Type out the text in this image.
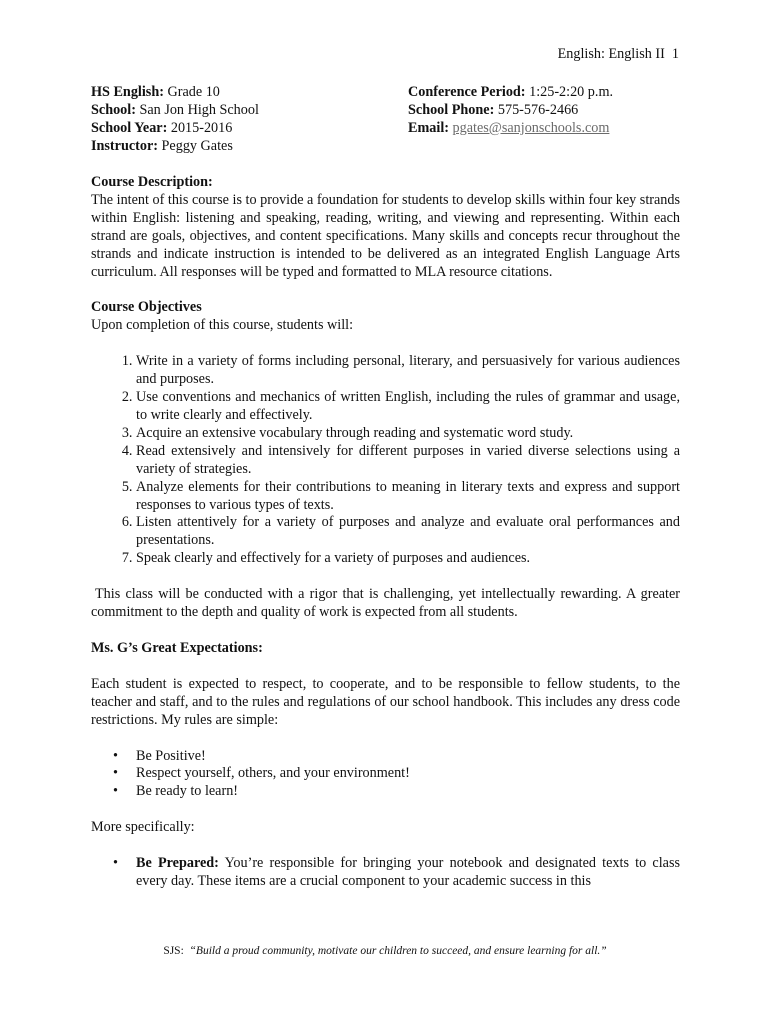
English: English II 1
HS English: Grade 10
School: San Jon High School
School Year: 2015-2016
Instructor: Peggy Gates
Conference Period: 1:25-2:20 p.m.
School Phone: 575-576-2466
Email: pgates@sanjonschools.com

Course Description:

The intent of this course is to provide a foundation for students to develop skills within four key strands within English: listening and speaking, reading, writing, and viewing and representing. Within each strand are goals, objectives, and content specifications. Many skills and concepts recur throughout the strands and indicate instruction is intended to be delivered as an integrated English Language Arts curriculum. All responses will be typed and formatted to MLA resource citations.

Course Objectives

Upon completion of this course, students will:

1. Write in a variety of forms including personal, literary, and persuasively for various audiences and purposes.
2. Use conventions and mechanics of written English, including the rules of grammar and usage, to write clearly and effectively.
3. Acquire an extensive vocabulary through reading and systematic word study.
4. Read extensively and intensively for different purposes in varied diverse selections using a variety of strategies.
5. Analyze elements for their contributions to meaning in literary texts and express and support responses to various types of texts.
6. Listen attentively for a variety of purposes and analyze and evaluate oral performances and presentations.
7. Speak clearly and effectively for a variety of purposes and audiences.

This class will be conducted with a rigor that is challenging, yet intellectually rewarding. A greater commitment to the depth and quality of work is expected from all students.

Ms. G’s Great Expectations:

Each student is expected to respect, to cooperate, and to be responsible to fellow students, to the teacher and staff, and to the rules and regulations of our school handbook. This includes any dress code restrictions. My rules are simple:

• Be Positive!
• Respect yourself, others, and your environment!
• Be ready to learn!

More specifically:

• Be Prepared: You’re responsible for bringing your notebook and designated texts to class every day. These items are a crucial component to your academic success in this
SJS: “Build a proud community, motivate our children to succeed, and ensure learning for all.”
